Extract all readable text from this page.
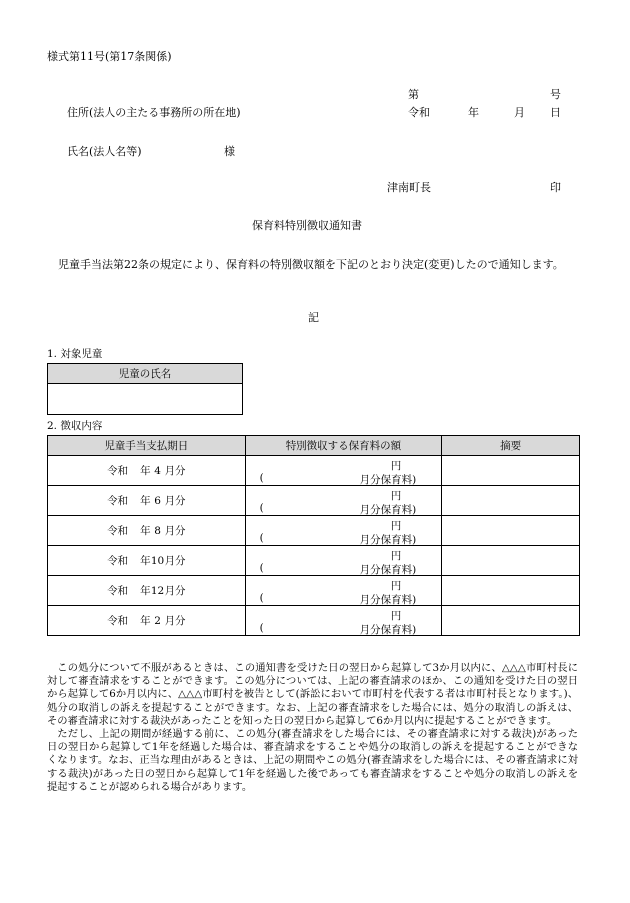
様式第11号(第17条関係)
第	号
住所(法人の主たる事務所の所在地)	令和	年	月 日
氏名(法人名等)	様
津南町長	印
保育料特別徴収通知書
児童手当法第22条の規定により、保育料の特別徴収額を下記のとおり決定(変更)したので通知します。
記
1. 対象児童
児童の氏名

2. 徴収内容
児童手当支払期日	特別徴収する保育料の額	摘要
令和 年 4 月分	円
( 月分保育料)	

令和 年 6 月分	円
( 月分保育料)	

令和 年 8 月分	円
( 月分保育料)	

令和 年10月分	円
( 月分保育料)	

令和 年12月分	円
( 月分保育料)	

令和 年 2 月分	円
( 月分保育料)	

この処分について不服があるときは、この通知書を受けた日の翌日から起算して3か月以内に、△△△市町村長に対して審査請求をすることができます。この処分については、上記の審査請求のほか、この通知を受けた日の翌日から起算して6か月以内に、△△△市町村を被告として(訴訟において市町村を代表する者は市町村長となります。)、処分の取消しの訴えを提起することができます。なお、上記の審査請求をした場合には、処分の取消しの訴えは、その審査請求に対する裁決があったことを知った日の翌日から起算して6か月以内に提起することができます。

ただし、上記の期間が経過する前に、この処分(審査請求をした場合には、その審査請求に対する裁決)があった日の翌日から起算して1年を経過した場合は、審査請求をすることや処分の取消しの訴えを提起することができなくなります。なお、正当な理由があるときは、上記の期間やこの処分(審査請求をした場合には、その審査請求に対する裁決)があった日の翌日から起算して1年を経過した後であっても審査請求をすることや処分の取消しの訴えを提起することが認められる場合があります。
